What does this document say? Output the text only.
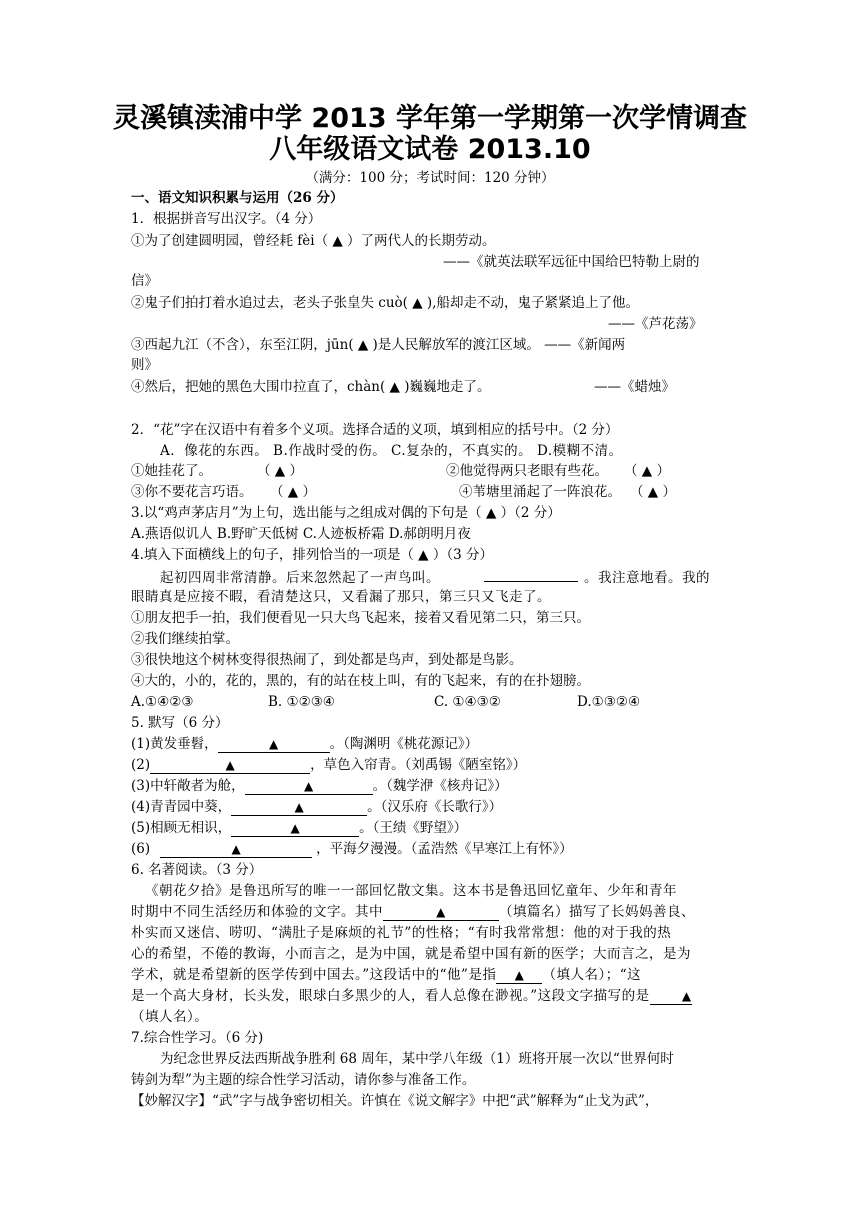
灵溪镇渎浦中学 2013 学年第一学期第一次学情调查
八年级语文试卷 2013.10
（满分：100 分；考试时间：120 分钟）
一、语文知识积累与运用（26 分）
1．根据拼音写出汉字。（4 分）
①为了创建圆明园，曾经耗 fèi（ ▲ ）了两代人的长期劳动。
——《就英法联军远征中国给巴特勒上尉的
信》
②鬼子们拍打着水追过去，老头子张皇失 cuò( ▲ ),船却走不动，鬼子紧紧追上了他。
——《芦花荡》
③西起九江（不含），东至江阴，jūn( ▲ )是人民解放军的渡江区域。 ——《新闻两
则》
④然后，把她的黑色大围巾拉直了，chàn( ▲ )巍巍地走了。	——《蜡烛》
2．“花”字在汉语中有着多个义项。选择合适的义项，填到相应的括号中。（2 分）
A．像花的东西。 B.作战时受的伤。 C.复杂的，不真实的。 D.模糊不清。
①她挂花了。	（ ▲ ）	②他觉得两只老眼有些花。 （ ▲ ）
③你不要花言巧语。 （ ▲ ）	④苇塘里涌起了一阵浪花。 （ ▲ ）
3.以“鸡声茅店月”为上句，选出能与之组成对偶的下句是（ ▲ ）（2 分）
A.燕语似讥人 B.野旷天低树 C.人迹板桥霜 D.郝朗明月夜
4.填入下面横线上的句子，排列恰当的一项是（ ▲ ）（3 分）
起初四周非常清静。后来忽然起了一声鸟叫。	。我注意地看。我的
眼睛真是应接不暇，看清楚这只，又看漏了那只，第三只又飞走了。
①朋友把手一拍，我们便看见一只大鸟飞起来，接着又看见第二只，第三只。
②我们继续拍掌。
③很快地这个树林变得很热闹了，到处都是鸟声，到处都是鸟影。
④大的，小的，花的，黑的，有的站在枝上叫，有的飞起来，有的在扑翅膀。
A.①④②③	B. ①②③④	C. ①④③②	D.①③②④
5. 默写（6 分）
(1)黄发垂髫，	▲	。（陶渊明《桃花源记》）
(2)	▲	，草色入帘青。（刘禹锡《陋室铭》）
(3)中轩敞者为舱，	▲	。（魏学洢《核舟记》）
(4)青青园中葵，	▲	。（汉乐府《长歌行》）
(5)相顾无相识，	▲	。（王绩《野望》）
(6)	▲	，平海夕漫漫。（孟浩然《早寒江上有怀》）
6. 名著阅读。（3 分）
《朝花夕拾》是鲁迅所写的唯一一部回忆散文集。这本书是鲁迅回忆童年、少年和青年
时期中不同生活经历和体验的文字。其中	▲	（填篇名）描写了长妈妈善良、
朴实而又迷信、唠叨、“满肚子是麻烦的礼节”的性格；“有时我常常想：他的对于我的热
心的希望，不倦的教诲，小而言之，是为中国，就是希望中国有新的医学；大而言之，是为
学术，就是希望新的医学传到中国去。”这段话中的“他”是指 ▲ （填人名）；“这
是一个高大身材，长头发，眼球白多黑少的人，看人总像在渺视。”这段文字描写的是	▲
（填人名）。
7.综合性学习。（6 分)
为纪念世界反法西斯战争胜利 68 周年，某中学八年级（1）班将开展一次以“世界何时
铸剑为犁”为主题的综合性学习活动，请你参与准备工作。
【妙解汉字】“武”字与战争密切相关。许慎在《说文解字》中把“武”解释为“止戈为武”，
